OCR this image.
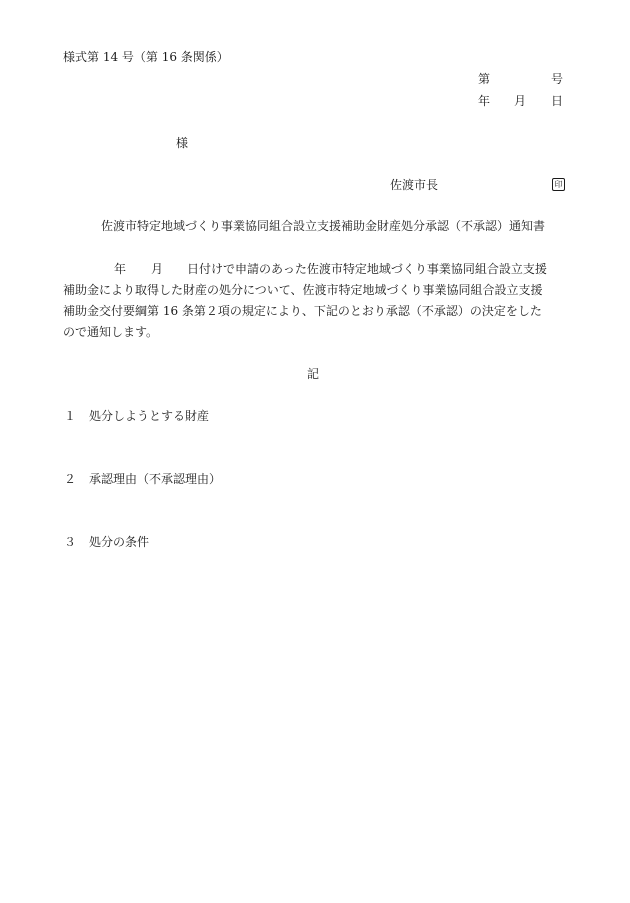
様式第 14 号（第 16 条関係）
第	号
年 月 日
様
佐渡市長	印
佐渡市特定地域づくり事業協同組合設立支援補助金財産処分承認（不承認）通知書
年 月 日付けで申請のあった佐渡市特定地域づくり事業協同組合設立支援
補助金により取得した財産の処分について、佐渡市特定地域づくり事業協同組合設立支援
補助金交付要綱第 16 条第２項の規定により、下記のとおり承認（不承認）の決定をした
ので通知します。
記
１ 処分しようとする財産
２ 承認理由（不承認理由）
３ 処分の条件
